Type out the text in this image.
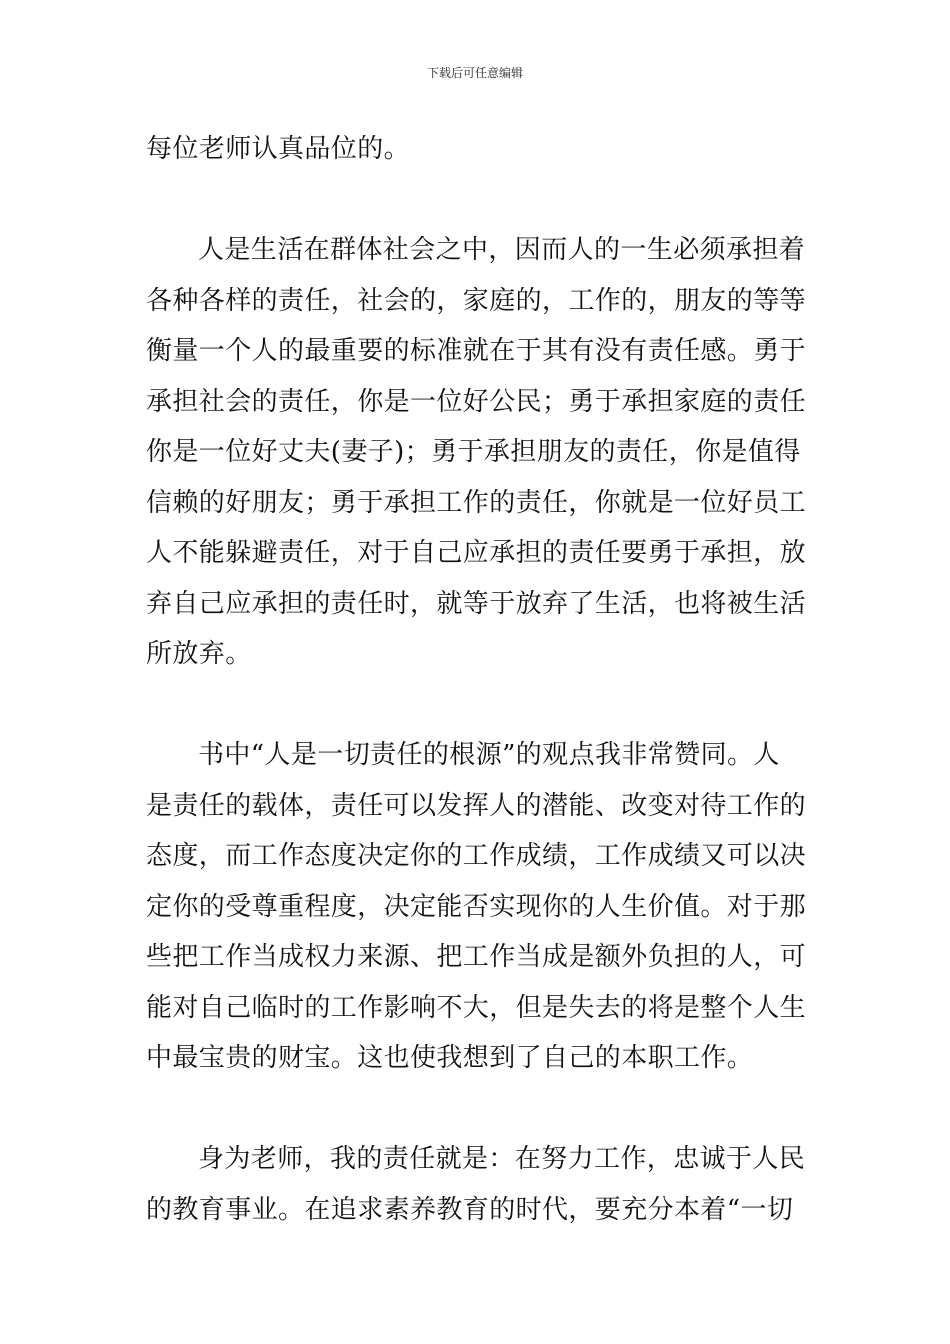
下载后可任意编辑
每位老师认真品位的。
人是生活在群体社会之中，因而人的一生必须承担着
各种各样的责任，社会的，家庭的，工作的，朋友的等等
衡量一个人的最重要的标准就在于其有没有责任感。勇于
承担社会的责任，你是一位好公民；勇于承担家庭的责任
你是一位好丈夫(妻子)；勇于承担朋友的责任，你是值得
信赖的好朋友；勇于承担工作的责任，你就是一位好员工
人不能躲避责任，对于自己应承担的责任要勇于承担，放
弃自己应承担的责任时，就等于放弃了生活，也将被生活
所放弃。
书中“人是一切责任的根源”的观点我非常赞同。人
是责任的载体，责任可以发挥人的潜能、改变对待工作的
态度，而工作态度决定你的工作成绩，工作成绩又可以决
定你的受尊重程度，决定能否实现你的人生价值。对于那
些把工作当成权力来源、把工作当成是额外负担的人，可
能对自己临时的工作影响不大，但是失去的将是整个人生
中最宝贵的财宝。这也使我想到了自己的本职工作。
身为老师，我的责任就是：在努力工作，忠诚于人民
的教育事业。在追求素养教育的时代，要充分本着“一切
